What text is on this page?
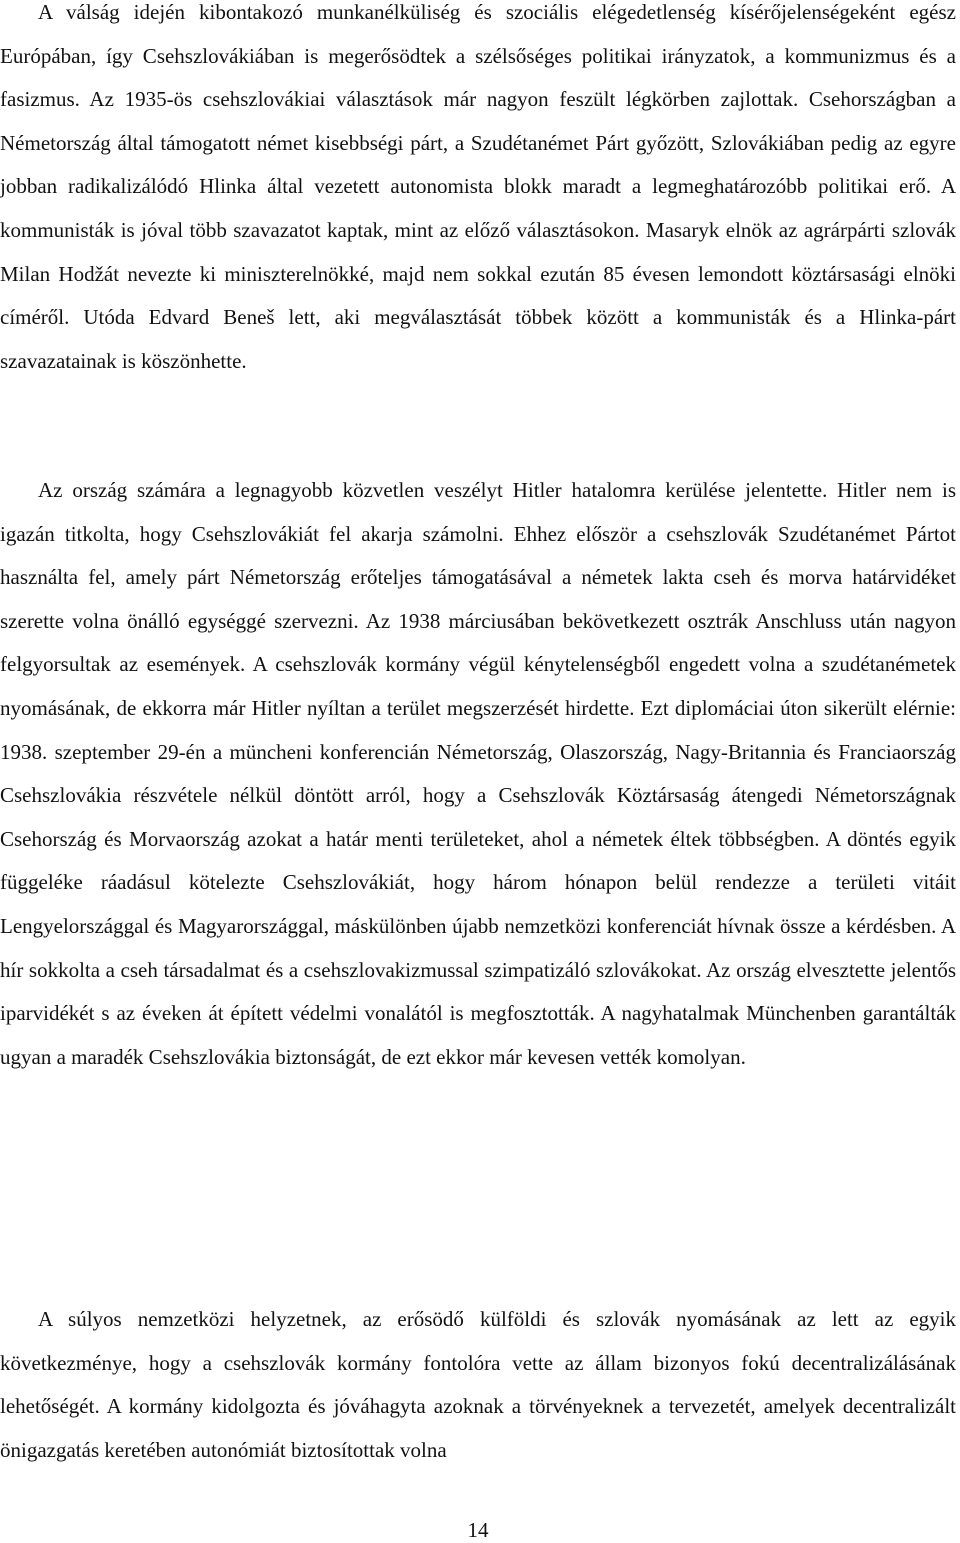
A válság idején kibontakozó munkanélküliség és szociális elégedetlenség kísérőjelenségeként egész Európában, így Csehszlovákiában is megerősödtek a szélsőséges politikai irányzatok, a kommunizmus és a fasizmus. Az 1935-ös csehszlovákiai választások már nagyon feszült légkörben zajlottak. Csehországban a Németország által támogatott német kisebbségi párt, a Szudétanémet Párt győzött, Szlovákiában pedig az egyre jobban radikalizálódó Hlinka által vezetett autonomista blokk maradt a legmeghatározóbb politikai erő. A kommunisták is jóval több szavazatot kaptak, mint az előző választásokon. Masaryk elnök az agrárpárti szlovák Milan Hodžát nevezte ki miniszterelnökké, majd nem sokkal ezután 85 évesen lemondott köztársasági elnöki címéről. Utóda Edvard Beneš lett, aki megválasztását többek között a kommunisták és a Hlinka-párt szavazatainak is köszönhette.

Az ország számára a legnagyobb közvetlen veszélyt Hitler hatalomra kerülése jelentette. Hitler nem is igazán titkolta, hogy Csehszlovákiát fel akarja számolni. Ehhez először a csehszlovák Szudétanémet Pártot használta fel, amely párt Németország erőteljes támogatásával a németek lakta cseh és morva határvidéket szerette volna önálló egységgé szervezni. Az 1938 márciusában bekövetkezett osztrák Anschluss után nagyon felgyorsultak az események. A csehszlovák kormány végül kénytelenségből engedett volna a szudétanémetek nyomásának, de ekkorra már Hitler nyíltan a terület megszerzését hirdette. Ezt diplomáciai úton sikerült elérnie: 1938. szeptember 29-én a müncheni konferencián Németország, Olaszország, Nagy-Britannia és Franciaország Csehszlovákia részvétele nélkül döntött arról, hogy a Csehszlovák Köztársaság átengedi Németországnak Csehország és Morvaország azokat a határ menti területeket, ahol a németek éltek többségben. A döntés egyik függeléke ráadásul kötelezte Csehszlovákiát, hogy három hónapon belül rendezze a területi vitáit Lengyelországgal és Magyarországgal, máskülönben újabb nemzetközi konferenciát hívnak össze a kérdésben. A hír sokkolta a cseh társadalmat és a csehszlovakizmussal szimpatizáló szlovákokat. Az ország elvesztette jelentős iparvidékét s az éveken át épített védelmi vonalától is megfosztották. A nagyhatalmak Münchenben garantálták ugyan a maradék Csehszlovákia biztonságát, de ezt ekkor már kevesen vették komolyan.

A súlyos nemzetközi helyzetnek, az erősödő külföldi és szlovák nyomásának az lett az egyik következménye, hogy a csehszlovák kormány fontolóra vette az állam bizonyos fokú decentralizálásának lehetőségét. A kormány kidolgozta és jóváhagyta azoknak a törvényeknek a tervezetét, amelyek decentralizált önigazgatás keretében autonómiát biztosítottak volna

14
